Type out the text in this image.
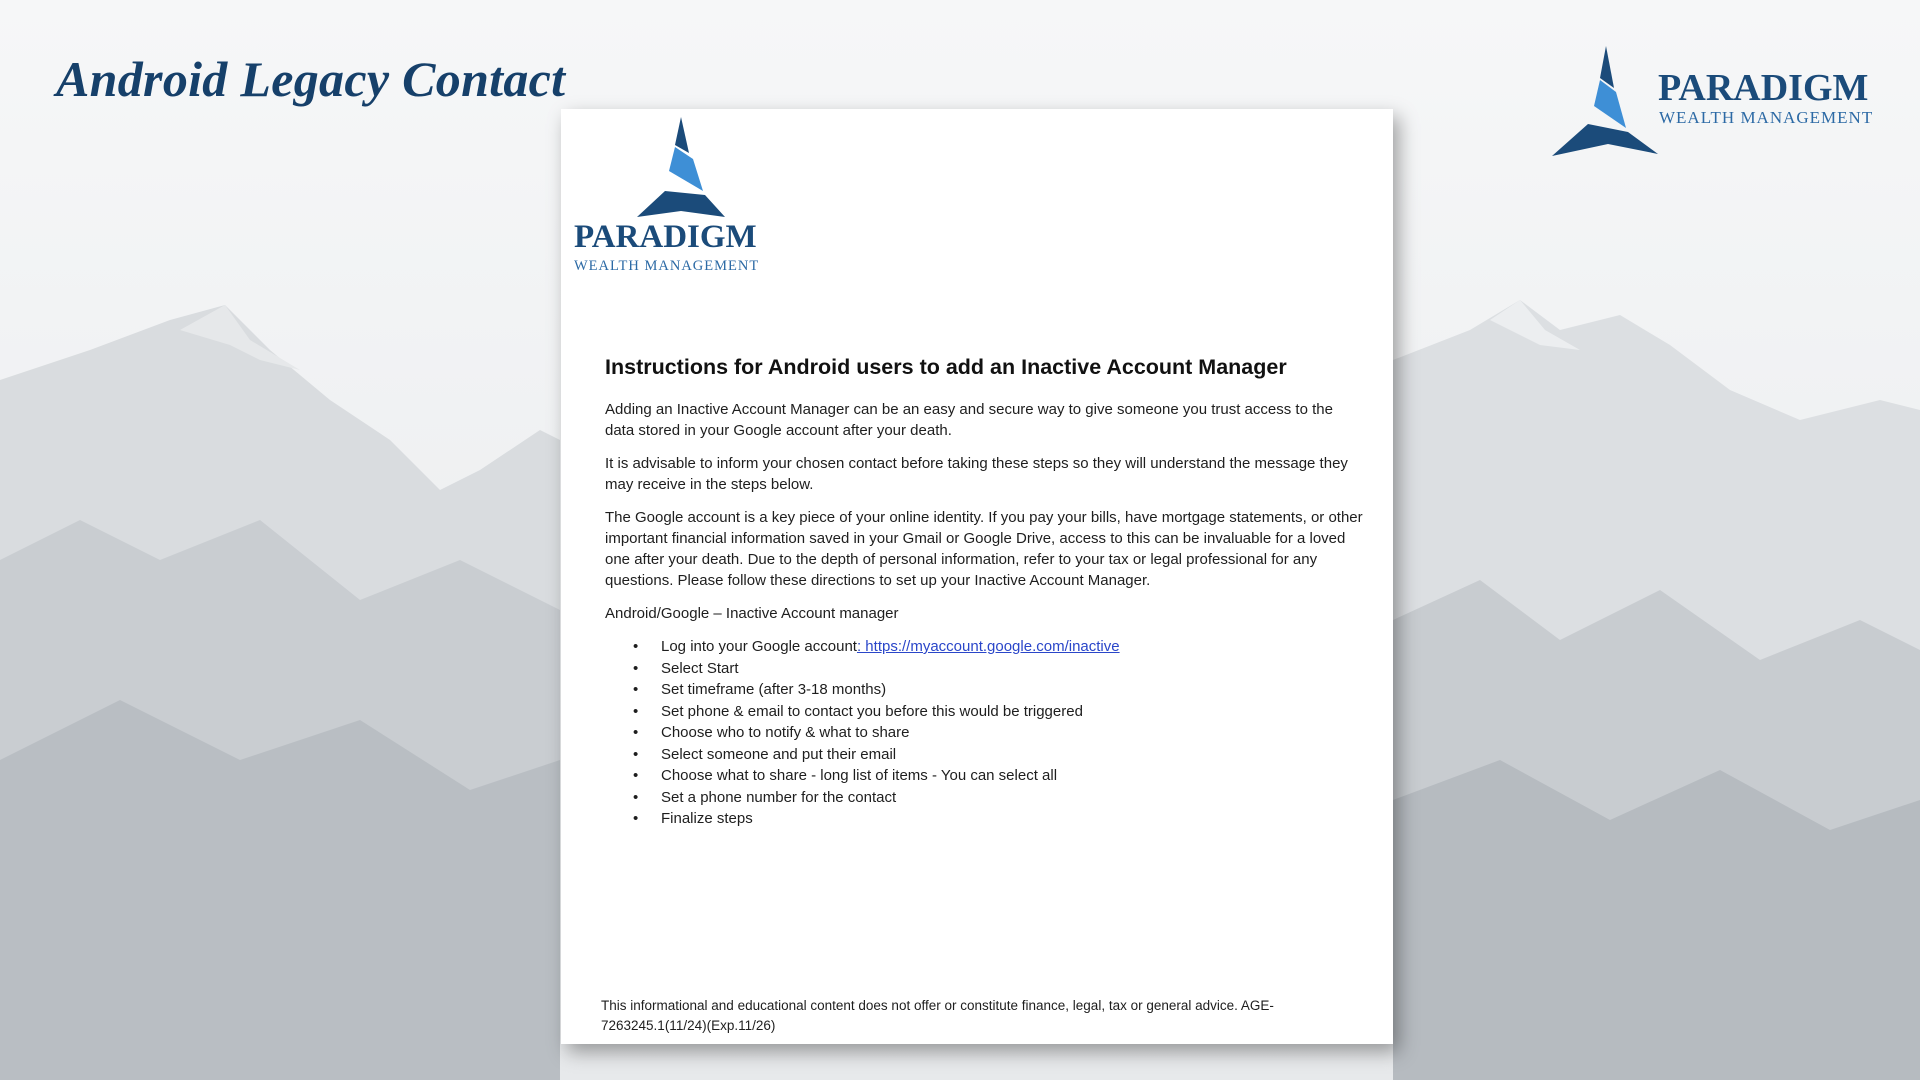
Android Legacy Contact	PARADIGM
WEALTH MANAGEMENT
PARADIGM
WEALTH MANAGEMENT
Instructions for Android users to add an Inactive Account Manager

Adding an Inactive Account Manager can be an easy and secure way to give someone you trust access to the data stored in your Google account after your death.

It is advisable to inform your chosen contact before taking these steps so they will understand the message they may receive in the steps below.

The Google account is a key piece of your online identity. If you pay your bills, have mortgage statements, or other important financial information saved in your Gmail or Google Drive, access to this can be invaluable for a loved one after your death. Due to the depth of personal information, refer to your tax or legal professional for any questions. Please follow these directions to set up your Inactive Account Manager.

Android/Google – Inactive Account manager

• Log into your Google account: https://myaccount.google.com/inactive
• Select Start
• Set timeframe (after 3-18 months)
• Set phone & email to contact you before this would be triggered
• Choose who to notify & what to share
• Select someone and put their email
• Choose what to share - long list of items - You can select all
• Set a phone number for the contact
• Finalize steps
This informational and educational content does not offer or constitute finance, legal, tax or general advice. AGE-7263245.1(11/24)(Exp.11/26)
